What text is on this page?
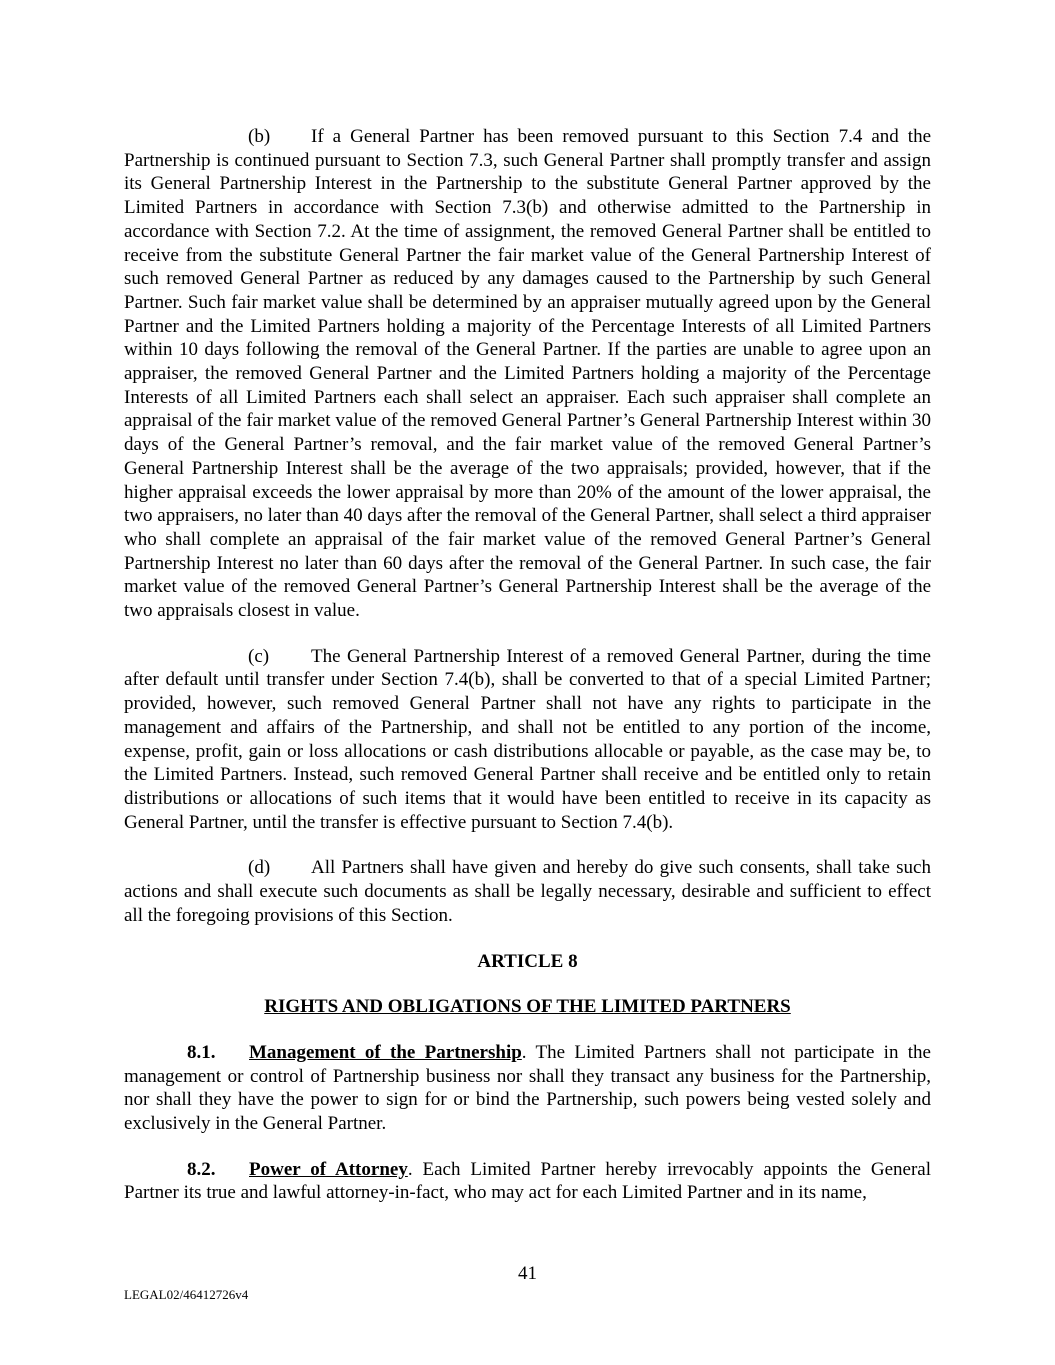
(b) If a General Partner has been removed pursuant to this Section 7.4 and the Partnership is continued pursuant to Section 7.3, such General Partner shall promptly transfer and assign its General Partnership Interest in the Partnership to the substitute General Partner approved by the Limited Partners in accordance with Section 7.3(b) and otherwise admitted to the Partnership in accordance with Section 7.2. At the time of assignment, the removed General Partner shall be entitled to receive from the substitute General Partner the fair market value of the General Partnership Interest of such removed General Partner as reduced by any damages caused to the Partnership by such General Partner. Such fair market value shall be determined by an appraiser mutually agreed upon by the General Partner and the Limited Partners holding a majority of the Percentage Interests of all Limited Partners within 10 days following the removal of the General Partner. If the parties are unable to agree upon an appraiser, the removed General Partner and the Limited Partners holding a majority of the Percentage Interests of all Limited Partners each shall select an appraiser. Each such appraiser shall complete an appraisal of the fair market value of the removed General Partner’s General Partnership Interest within 30 days of the General Partner’s removal, and the fair market value of the removed General Partner’s General Partnership Interest shall be the average of the two appraisals; provided, however, that if the higher appraisal exceeds the lower appraisal by more than 20% of the amount of the lower appraisal, the two appraisers, no later than 40 days after the removal of the General Partner, shall select a third appraiser who shall complete an appraisal of the fair market value of the removed General Partner’s General Partnership Interest no later than 60 days after the removal of the General Partner. In such case, the fair market value of the removed General Partner’s General Partnership Interest shall be the average of the two appraisals closest in value.

(c) The General Partnership Interest of a removed General Partner, during the time after default until transfer under Section 7.4(b), shall be converted to that of a special Limited Partner; provided, however, such removed General Partner shall not have any rights to participate in the management and affairs of the Partnership, and shall not be entitled to any portion of the income, expense, profit, gain or loss allocations or cash distributions allocable or payable, as the case may be, to the Limited Partners. Instead, such removed General Partner shall receive and be entitled only to retain distributions or allocations of such items that it would have been entitled to receive in its capacity as General Partner, until the transfer is effective pursuant to Section 7.4(b).

(d) All Partners shall have given and hereby do give such consents, shall take such actions and shall execute such documents as shall be legally necessary, desirable and sufficient to effect all the foregoing provisions of this Section.

ARTICLE 8

RIGHTS AND OBLIGATIONS OF THE LIMITED PARTNERS

8.1. Management of the Partnership. The Limited Partners shall not participate in the management or control of Partnership business nor shall they transact any business for the Partnership, nor shall they have the power to sign for or bind the Partnership, such powers being vested solely and exclusively in the General Partner.

8.2. Power of Attorney. Each Limited Partner hereby irrevocably appoints the General Partner its true and lawful attorney-in-fact, who may act for each Limited Partner and in its name,

41
LEGAL02/46412726v4
